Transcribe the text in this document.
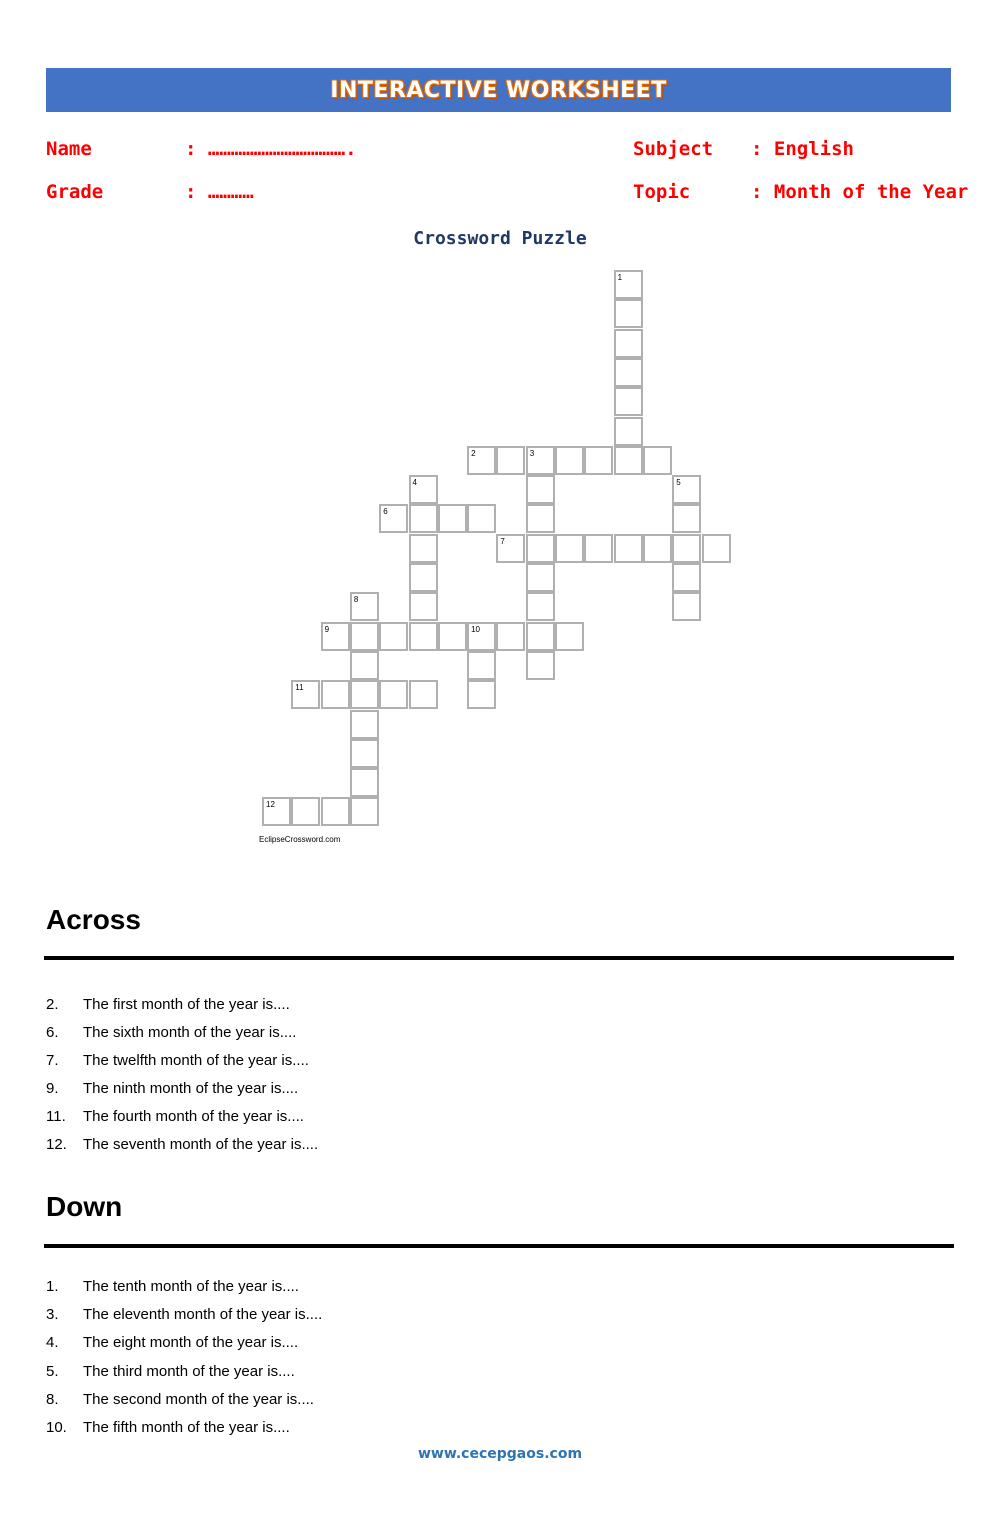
INTERACTIVE WORKSHEET
Name	: ……………………………….
Grade	: …………
Subject : English
Topic	: Month of the Year
Crossword Puzzle
1
2	3
4	5
6
7
8
9	10
11
12
EclipseCrossword.com
Across
2. The first month of the year is....
6. The sixth month of the year is....
7. The twelfth month of the year is....
9. The ninth month of the year is....
11. The fourth month of the year is....
12. The seventh month of the year is....
Down
1. The tenth month of the year is....
3. The eleventh month of the year is....
4. The eight month of the year is....
5. The third month of the year is....
8. The second month of the year is....
10. The fifth month of the year is....
www.cecepgaos.com
